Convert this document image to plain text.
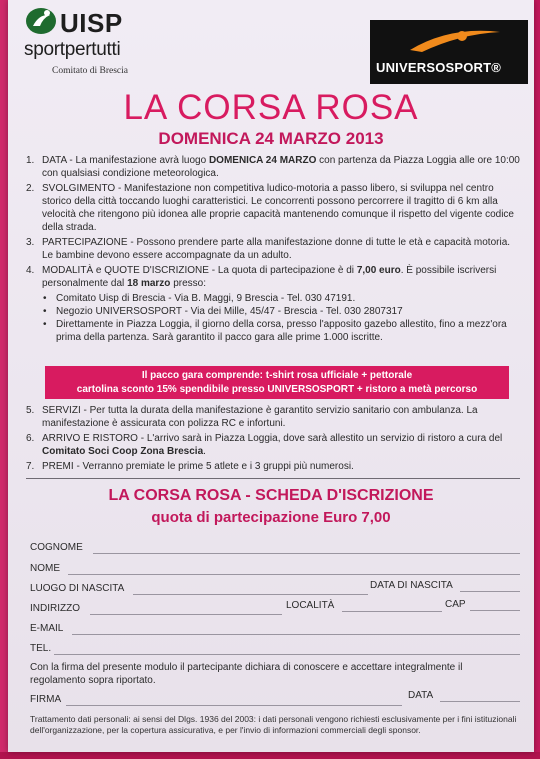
UISP
sportpertutti
Comitato di Brescia	UNIVERSOSPORT®
LA CORSA ROSA
DOMENICA 24 MARZO 2013
1. DATA - La manifestazione avrà luogo DOMENICA 24 MARZO con partenza da Piazza Loggia alle ore 10:00 con qualsiasi condizione meteorologica.
2. SVOLGIMENTO - Manifestazione non competitiva ludico-motoria a passo libero, si sviluppa nel centro storico della città toccando luoghi caratteristici. Le concorrenti possono percorrere il tragitto di 6 km alla velocità che ritengono più idonea alle proprie capacità mantenendo comunque il rispetto del vigente codice della strada.
3. PARTECIPAZIONE - Possono prendere parte alla manifestazione donne di tutte le età e capacità motoria. Le bambine devono essere accompagnate da un adulto.
4. MODALITÀ e QUOTE D'ISCRIZIONE - La quota di partecipazione è di 7,00 euro. È possibile iscriversi personalmente dal 18 marzo presso:
• Comitato Uisp di Brescia - Via B. Maggi, 9 Brescia - Tel. 030 47191.
• Negozio UNIVERSOSPORT - Via dei Mille, 45/47 - Brescia - Tel. 030 2807317
• Direttamente in Piazza Loggia, il giorno della corsa, presso l'apposito gazebo allestito, fino a mezz'ora prima della partenza. Sarà garantito il pacco gara alle prime 1.000 iscritte.
Il pacco gara comprende: t-shirt rosa ufficiale + pettorale
cartolina sconto 15% spendibile presso UNIVERSOSPORT + ristoro a metà percorso
5. SERVIZI - Per tutta la durata della manifestazione è garantito servizio sanitario con ambulanza. La manifestazione è assicurata con polizza RC e infortuni.
6. ARRIVO E RISTORO - L'arrivo sarà in Piazza Loggia, dove sarà allestito un servizio di ristoro a cura del Comitato Soci Coop Zona Brescia.
7. PREMI - Verranno premiate le prime 5 atlete e i 3 gruppi più numerosi.
LA CORSA ROSA - SCHEDA D'ISCRIZIONE
quota di partecipazione Euro 7,00
COGNOME
NOME
LUOGO DI NASCITA	DATA DI NASCITA
INDIRIZZO	LOCALITÀ	CAP
E-MAIL
TEL.
Con la firma del presente modulo il partecipante dichiara di conoscere e accettare integralmente il regolamento sopra riportato.
FIRMA	DATA
Trattamento dati personali: ai sensi del Dlgs. 1936 del 2003: i dati personali vengono richiesti esclusivamente per i fini istituzionali dell'organizzazione, per la copertura assicurativa, e per l'invio di informazioni commerciali degli sponsor.
